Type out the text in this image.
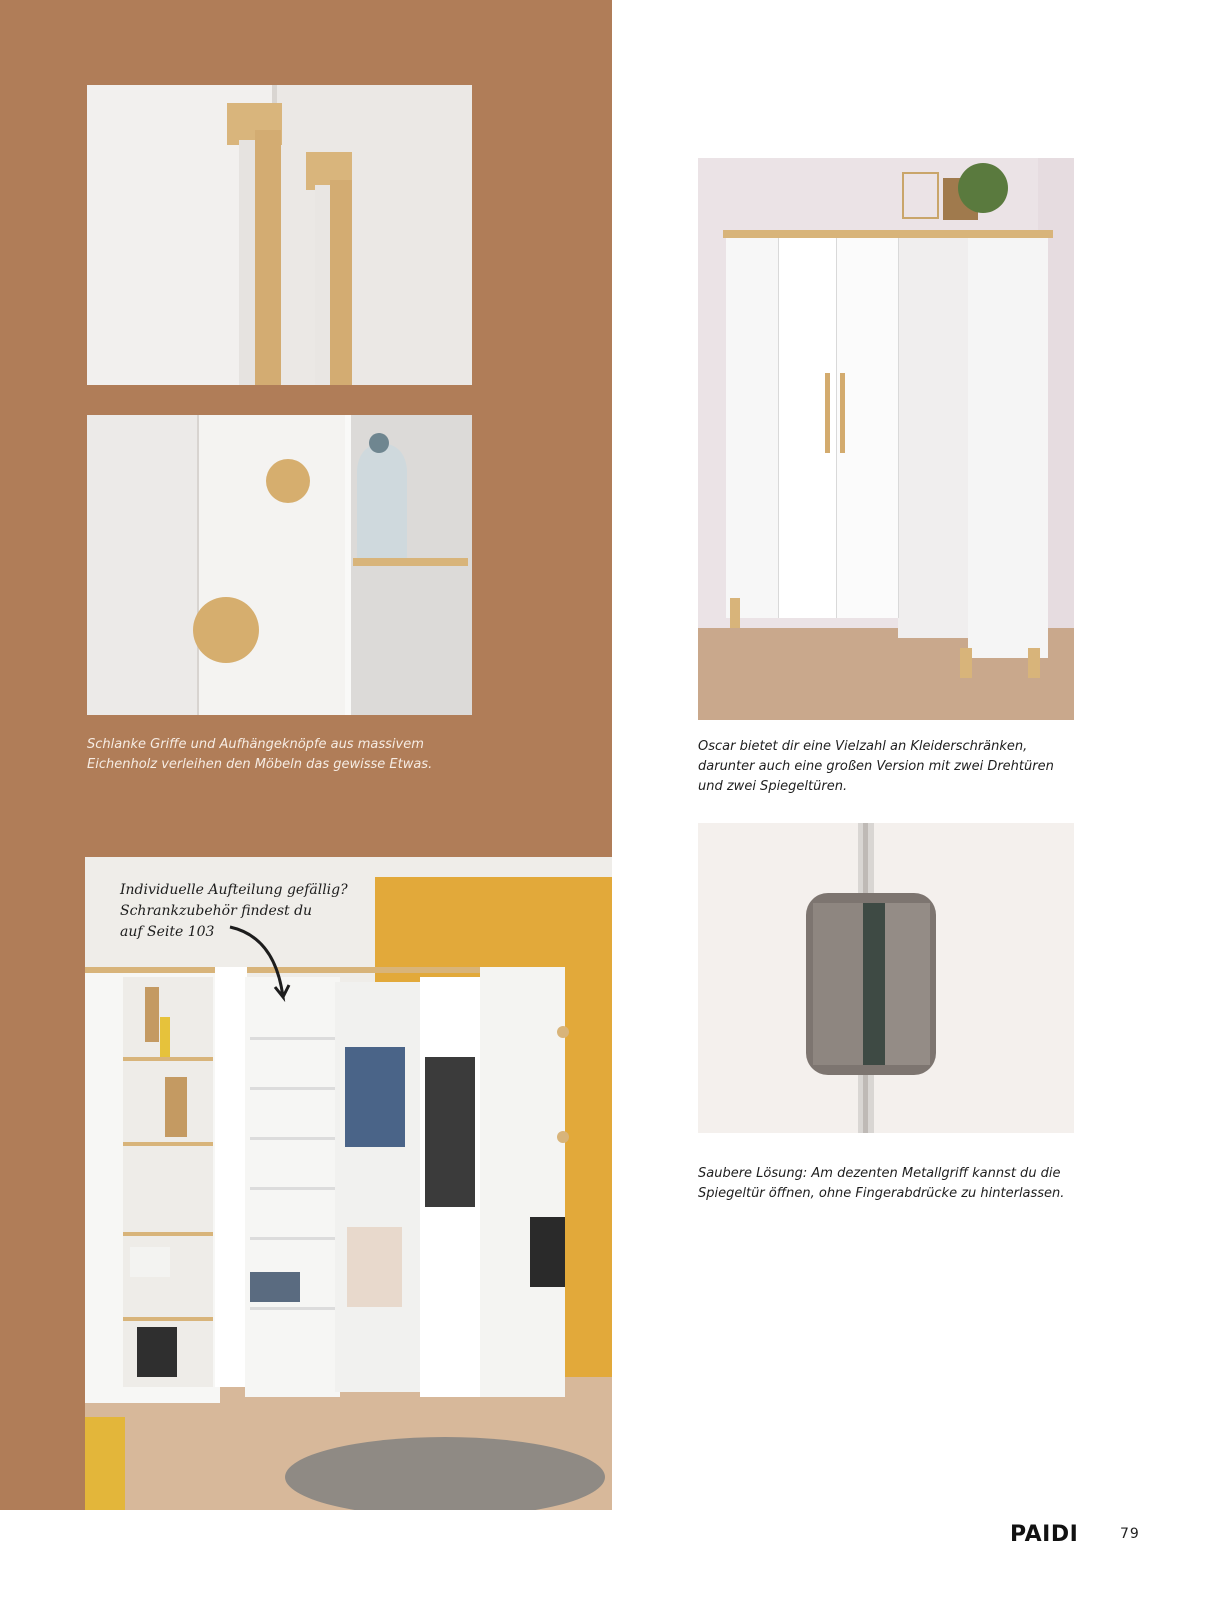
Schlanke Griffe und Aufhängeknöpfe aus massivem Eichenholz verleihen den Möbeln das gewisse Etwas.

Oscar bietet dir eine Vielzahl an Kleiderschränken, darunter auch eine großen Version mit zwei Drehtüren und zwei Spiegeltüren.

Saubere Lösung: Am dezenten Metallgriff kannst du die Spiegeltür öffnen, ohne Fingerabdrücke zu hinterlassen.

Individuelle Aufteilung gefällig?
Schrankzubehör findest du
auf Seite 103
PAIDI	79
